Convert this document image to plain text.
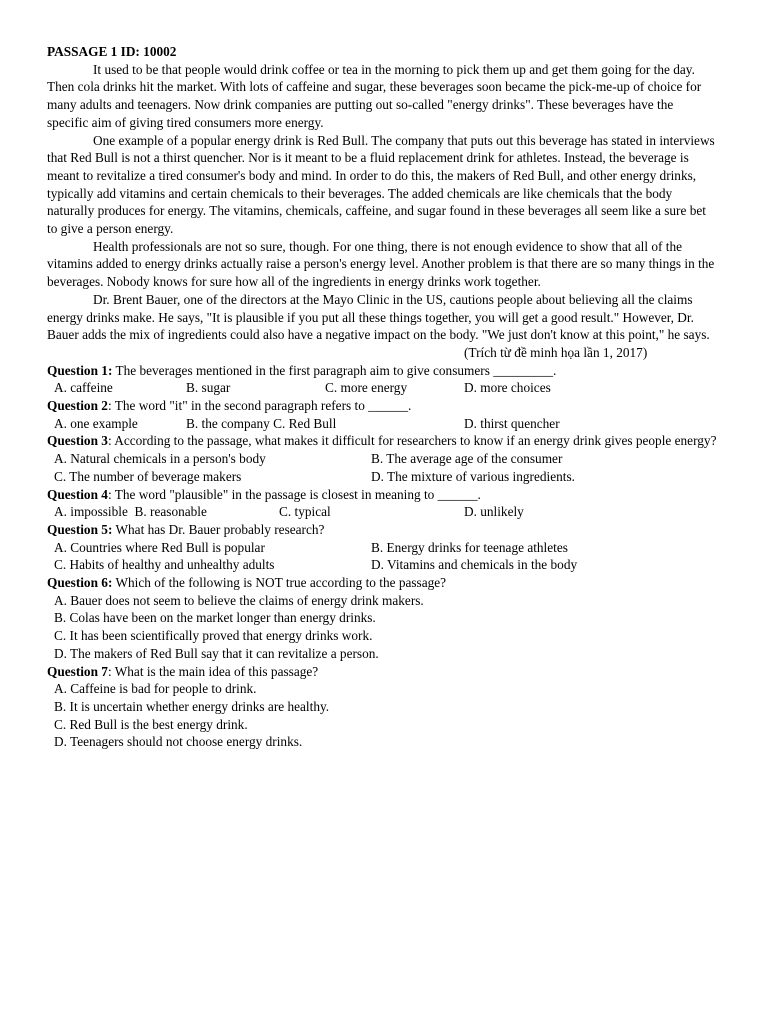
PASSAGE 1 ID: 10002

It used to be that people would drink coffee or tea in the morning to pick them up and get them going for the day. Then cola drinks hit the market. With lots of caffeine and sugar, these beverages soon became the pick-me-up of choice for many adults and teenagers. Now drink companies are putting out so-called "energy drinks". These beverages have the specific aim of giving tired consumers more energy.

One example of a popular energy drink is Red Bull. The company that puts out this beverage has stated in interviews that Red Bull is not a thirst quencher. Nor is it meant to be a fluid replacement drink for athletes. Instead, the beverage is meant to revitalize a tired consumer's body and mind. In order to do this, the makers of Red Bull, and other energy drinks, typically add vitamins and certain chemicals to their beverages. The added chemicals are like chemicals that the body naturally produces for energy. The vitamins, chemicals, caffeine, and sugar found in these beverages all seem like a sure bet to give a person energy.

Health professionals are not so sure, though. For one thing, there is not enough evidence to show that all of the vitamins added to energy drinks actually raise a person's energy level. Another problem is that there are so many things in the beverages. Nobody knows for sure how all of the ingredients in energy drinks work together.

Dr. Brent Bauer, one of the directors at the Mayo Clinic in the US, cautions people about believing all the claims energy drinks make. He says, "It is plausible if you put all these things together, you will get a good result." However, Dr. Bauer adds the mix of ingredients could also have a negative impact on the body. "We just don't know at this point," he says.

(Trích từ đề minh họa lần 1, 2017)
Question 1: The beverages mentioned in the first paragraph aim to give consumers _________.
A. caffeine	B. sugar	C. more energy	D. more choices
Question 2: The word "it" in the second paragraph refers to ______.
A. one example	B. the company C. Red Bull	D. thirst quencher
Question 3: According to the passage, what makes it difficult for researchers to know if an energy drink gives people energy?
A. Natural chemicals in a person's body	B. The average age of the consumer
C. The number of beverage makers	D. The mixture of various ingredients.
Question 4: The word "plausible" in the passage is closest in meaning to ______.
A. impossible  B. reasonable	C. typical	D. unlikely
Question 5: What has Dr. Bauer probably research?
A. Countries where Red Bull is popular	B. Energy drinks for teenage athletes
C. Habits of healthy and unhealthy adults	D. Vitamins and chemicals in the body
Question 6: Which of the following is NOT true according to the passage?
A. Bauer does not seem to believe the claims of energy drink makers.
B. Colas have been on the market longer than energy drinks.
C. It has been scientifically proved that energy drinks work.
D. The makers of Red Bull say that it can revitalize a person.
Question 7: What is the main idea of this passage?
A. Caffeine is bad for people to drink.
B. It is uncertain whether energy drinks are healthy.
C. Red Bull is the best energy drink.
D. Teenagers should not choose energy drinks.
